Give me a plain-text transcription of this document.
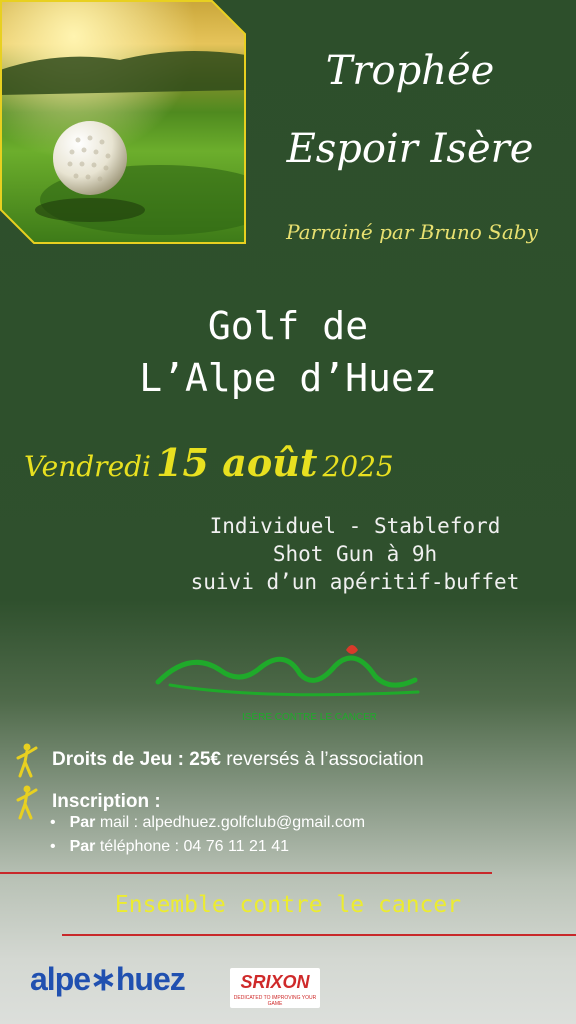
Trophée
Espoir Isère
Parrainé par Bruno Saby
Golf de
L’Alpe d’Huez
Vendredi 15 août 2025
Individuel - Stableford
Shot Gun à 9h
suivi d’un apéritif-buffet
ISÈRE CONTRE LE CANCER
Droits de Jeu : 25€ reversés à l’association
Inscription :
• Par mail : alpedhuez.golfclub@gmail.com
• Par téléphone : 04 76 11 21 41
Ensemble contre le cancer
alpe∗huez	SRIXON
DEDICATED TO IMPROVING YOUR GAME
